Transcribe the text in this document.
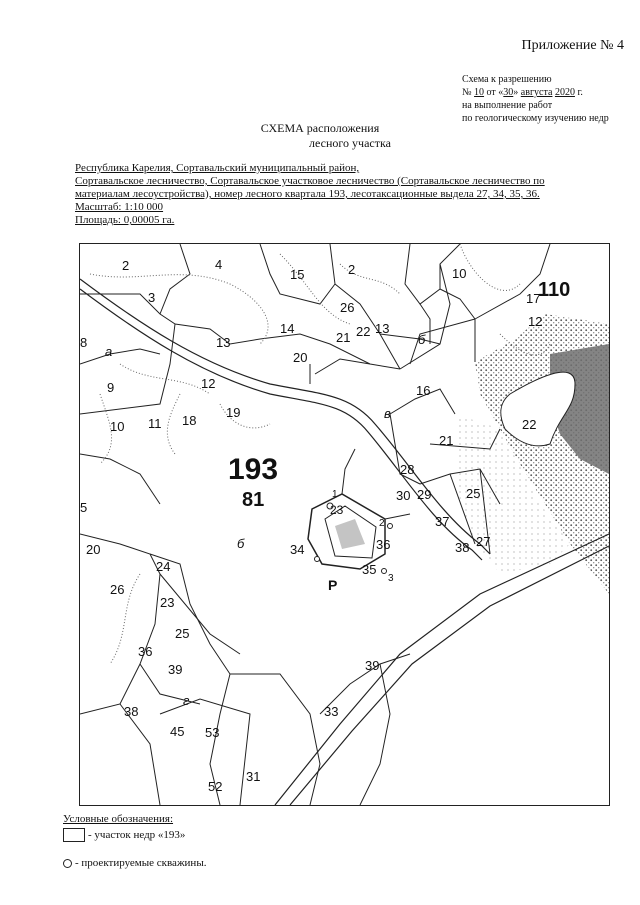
Приложение № 4
Схема к разрешению
№ 10 от «30» августа 2020 г.
на выполнение работ
по геологическому изучению недр
СХЕМА расположения
лесного участка
Республика Карелия, Сортавальский муниципальный район,
Сортавальское лесничество, Сортавальское участковое лесничество (Сортавальское лесничество по
материалам лесоустройства), номер лесного квартала 193, лесотаксационные выдела 27, 34, 35, 36.
Масштаб: 1:10 000
Площадь: 0,00005 га.
2	4
15	2	10
17
12
3
26
14
21 22 13
б
8
а
13
20
9	12	16
в
22
10 11 18
19
21
28
30 29	25
5
1
23
2	37
36
20	б	34	38 27
24	35
3
26
23
25
36
39	39
г
38
45 53
33
31
52
193
81
110
Р
Условные обозначения:
- участок недр «193»
- проектируемые скважины.
